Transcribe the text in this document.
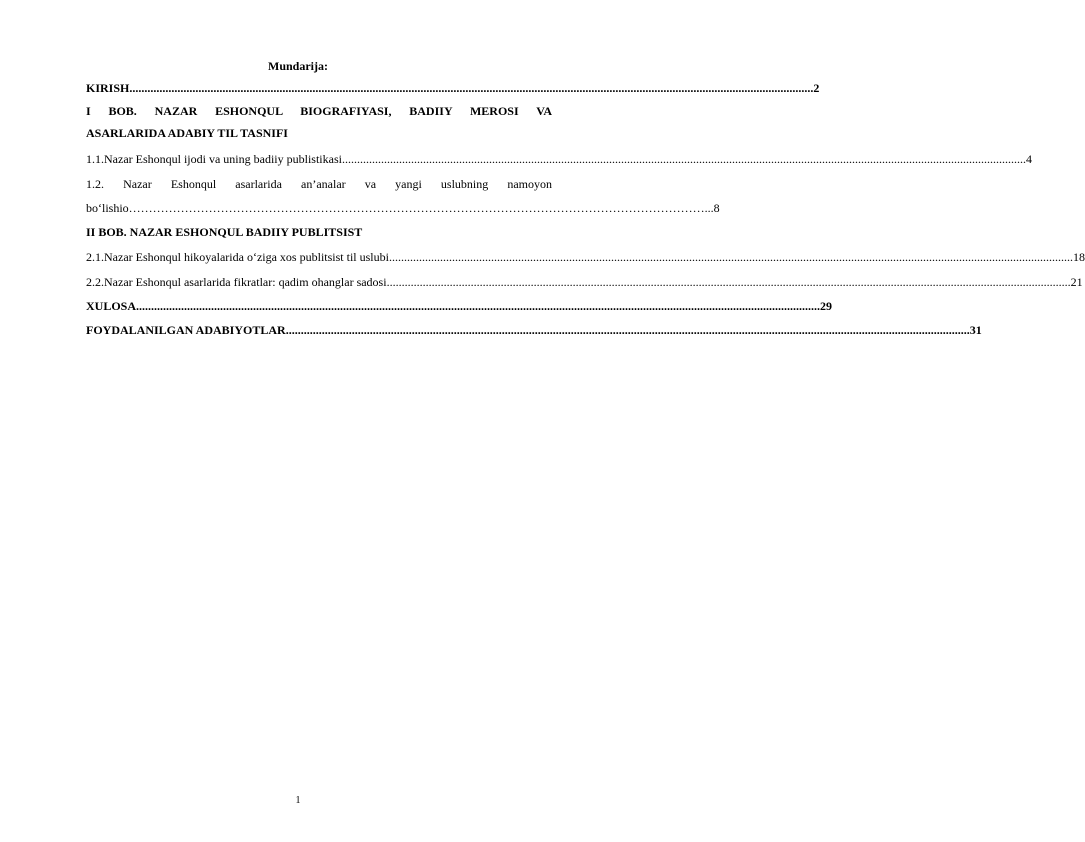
Mundarija:
KIRISH .................................................................................................................................................................................................................................... 2
I BOB. NAZAR ESHONQUL BIOGRAFIYASI, BADIIY MEROSI VA
ASARLARIDA ADABIY TIL TASNIFI
1.1. Nazar Eshonqul ijodi va uning badiiy publistikasi .................................................................................................................................................................................................................................... 4
1.2. Nazar Eshonqul asarlarida an’analar va yangi uslubning namoyon
bo‘lishio ……………………………………………………………………………………………………………………………… ...8
II BOB. NAZAR ESHONQUL BADIIY PUBLITSIST
2.1. Nazar Eshonqul hikoyalarida o‘ziga xos publitsist til uslubi .................................................................................................................................................................................................................................... 18
2.2. Nazar Eshonqul asarlarida fikratlar: qadim ohanglar sadosi .................................................................................................................................................................................................................................... 21
XULOSA .................................................................................................................................................................................................................................... 29
FOYDALANILGAN ADABIYOTLAR .................................................................................................................................................................................................................................... 31
1
